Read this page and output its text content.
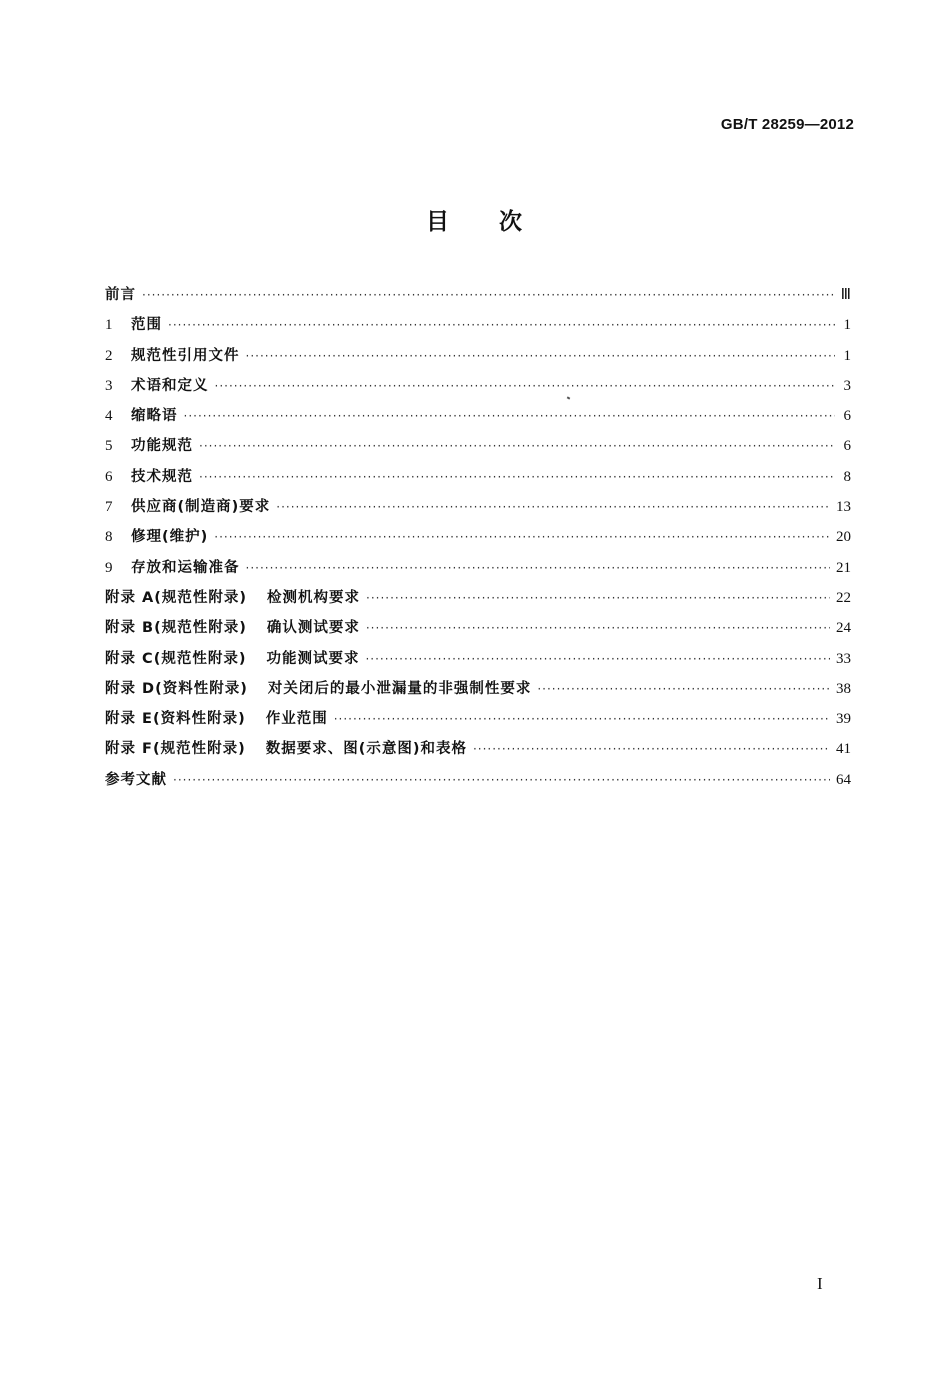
GB/T 28259—2012
目 次
前言 ·····	Ⅲ
1	范围 ·····	1
2	规范性引用文件 ·····	1
3	术语和定义 ·····	3
4	缩略语 ·····	6
5	功能规范 ·····	6
6	技术规范 ·····	8
7	供应商(制造商)要求 ·····	13
8	修理(维护) ·····	20
9	存放和运输准备 ·····	21
附录 A(规范性附录) 检测机构要求 ·····	22
附录 B(规范性附录) 确认测试要求 ·····	24
附录 C(规范性附录) 功能测试要求 ·····	33
附录 D(资料性附录) 对关闭后的最小泄漏量的非强制性要求 ·····	38
附录 E(资料性附录) 作业范围 ·····	39
附录 F(规范性附录) 数据要求、图(示意图)和表格 ·····	41
参考文献 ·····	64
I
